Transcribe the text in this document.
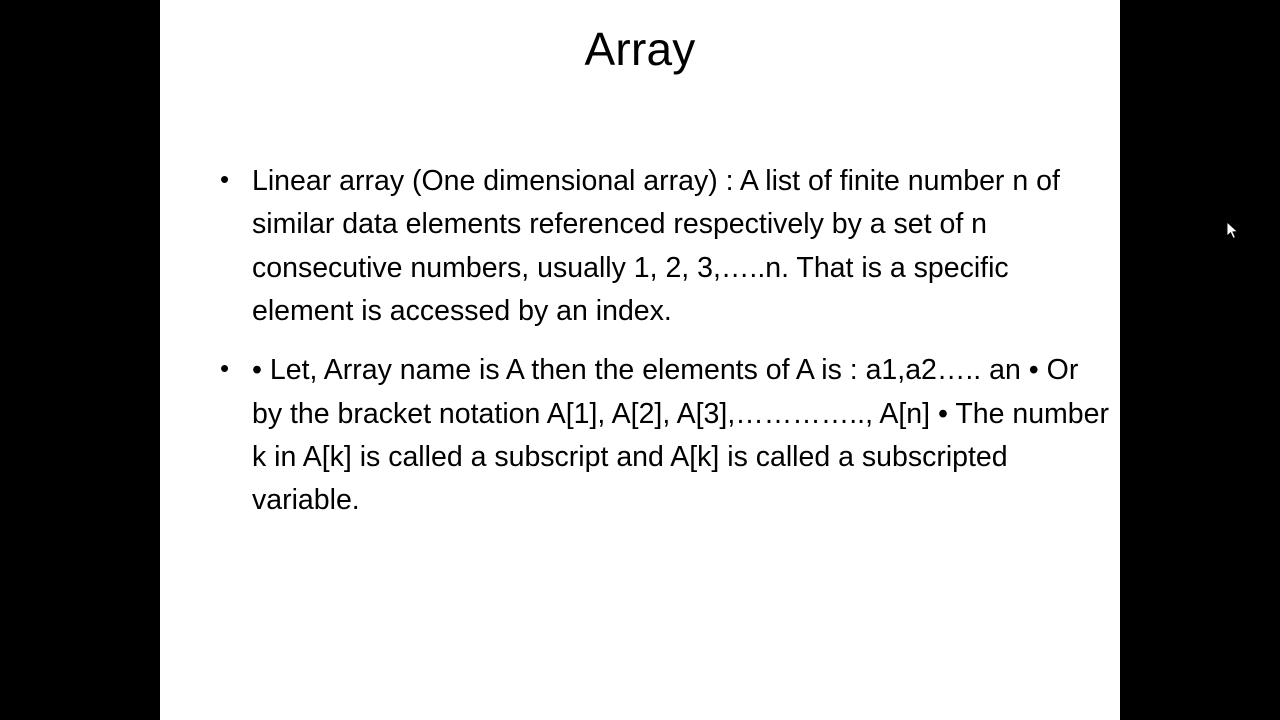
Array
• Linear array (One dimensional array) : A list of finite number n of similar data elements referenced respectively by a set of n consecutive numbers, usually 1, 2, 3,…..n. That is a specific element is accessed by an index.
• • Let, Array name is A then the elements of A is : a1,a2….. an • Or by the bracket notation A[1], A[2], A[3],………….., A[n] • The number k in A[k] is called a subscript and A[k] is called a subscripted variable.
